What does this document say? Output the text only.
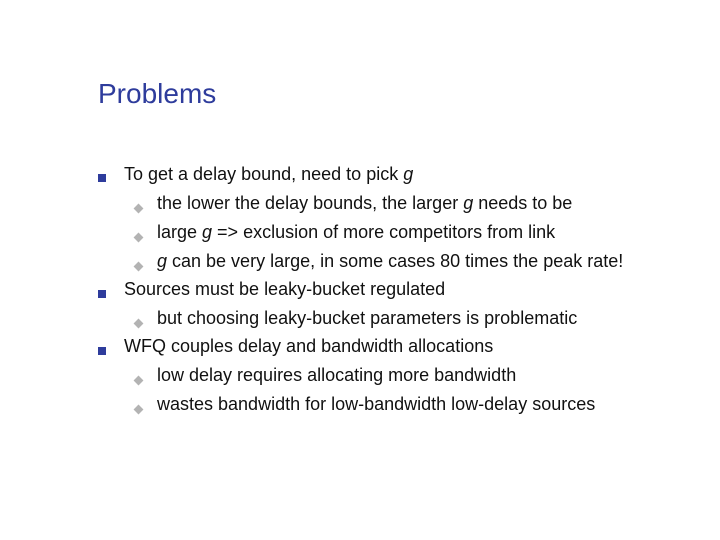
Problems
To get a delay bound, need to pick g
the lower the delay bounds, the larger g needs to be
large g => exclusion of more competitors from link
g can be very large, in some cases 80 times the peak rate!
Sources must be leaky-bucket regulated
but choosing leaky-bucket parameters is problematic
WFQ couples delay and bandwidth allocations
low delay requires allocating more bandwidth
wastes bandwidth for low-bandwidth low-delay sources
